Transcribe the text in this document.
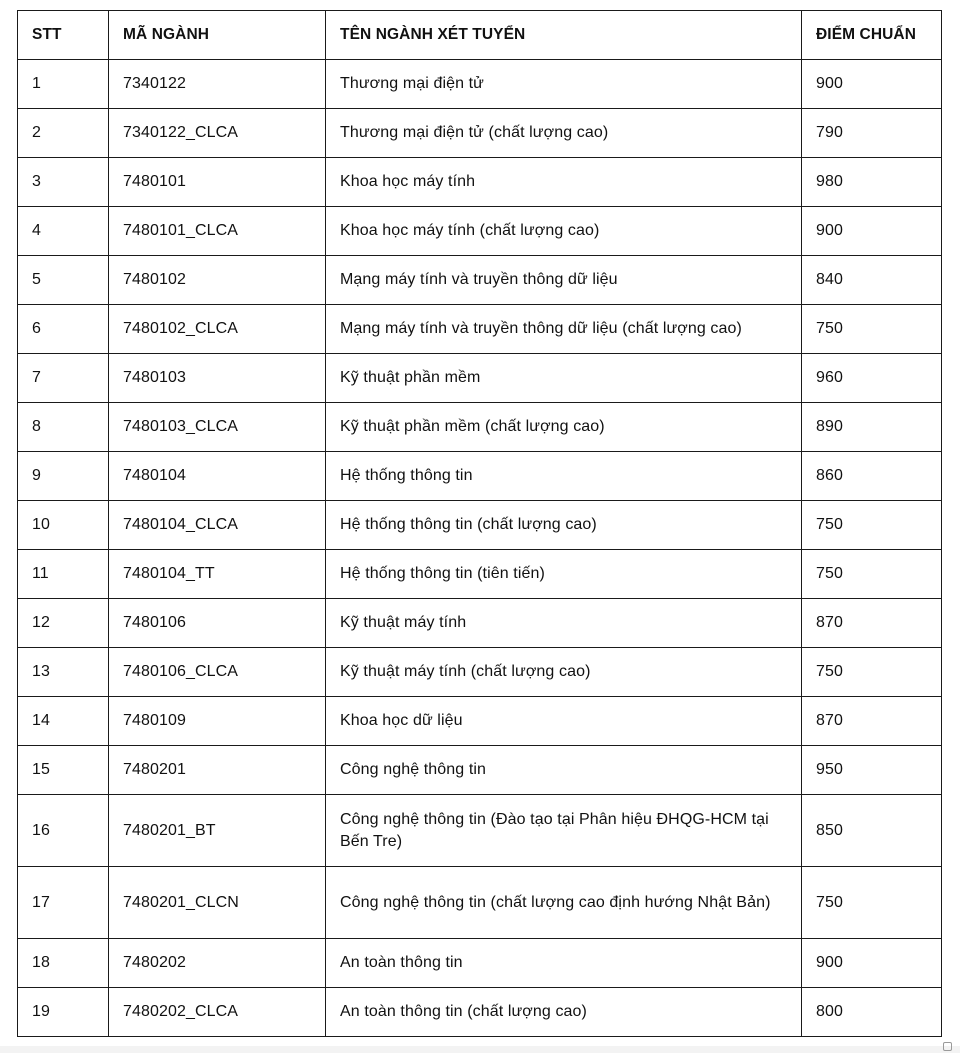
STT	MÃ NGÀNH	TÊN NGÀNH XÉT TUYỂN	ĐIỂM CHUẨN
1	7340122	Thương mại điện tử	900
2	7340122_CLCA	Thương mại điện tử (chất lượng cao)	790
3	7480101	Khoa học máy tính	980
4	7480101_CLCA	Khoa học máy tính (chất lượng cao)	900
5	7480102	Mạng máy tính và truyền thông dữ liệu	840
6	7480102_CLCA	Mạng máy tính và truyền thông dữ liệu (chất lượng cao)	750
7	7480103	Kỹ thuật phần mềm	960
8	7480103_CLCA	Kỹ thuật phần mềm (chất lượng cao)	890
9	7480104	Hệ thống thông tin	860
10	7480104_CLCA	Hệ thống thông tin (chất lượng cao)	750
11	7480104_TT	Hệ thống thông tin (tiên tiến)	750
12	7480106	Kỹ thuật máy tính	870
13	7480106_CLCA	Kỹ thuật máy tính (chất lượng cao)	750
14	7480109	Khoa học dữ liệu	870
15	7480201	Công nghệ thông tin	950
16	7480201_BT	Công nghệ thông tin (Đào tạo tại Phân hiệu ĐHQG-HCM tại Bến Tre)	850
17	7480201_CLCN	Công nghệ thông tin (chất lượng cao định hướng Nhật Bản)	750
18	7480202	An toàn thông tin	900
19	7480202_CLCA	An toàn thông tin (chất lượng cao)	800
